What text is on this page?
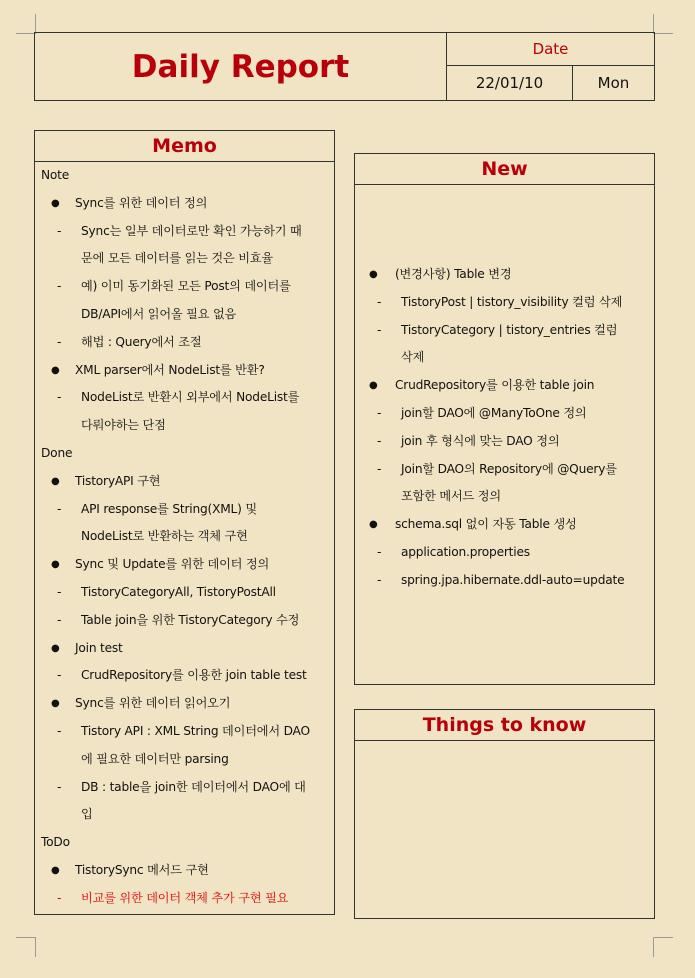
Daily Report	Date
22/01/10	Mon
Memo
Note
● Sync를 위한 데이터 정의
- Sync는 일부 데이터로만 확인 가능하기 때
문에 모든 데이터를 읽는 것은 비효율
- 예) 이미 동기화된 모든 Post의 데이터를
DB/API에서 읽어올 필요 없음
- 해법 : Query에서 조절
● XML parser에서 NodeList를 반환?
- NodeList로 반환시 외부에서 NodeList를
다뤄야하는 단점
Done
● TistoryAPI 구현
- API response를 String(XML) 및
NodeList로 반환하는 객체 구현
● Sync 및 Update를 위한 데이터 정의
- TistoryCategoryAll, TistoryPostAll
- Table join을 위한 TistoryCategory 수정
● Join test
- CrudRepository를 이용한 join table test
● Sync를 위한 데이터 읽어오기
- Tistory API : XML String 데이터에서 DAO
에 필요한 데이터만 parsing
- DB : table을 join한 데이터에서 DAO에 대
입
ToDo
● TistorySync 메서드 구현
- 비교를 위한 데이터 객체 추가 구현 필요
New
● (변경사항) Table 변경
- TistoryPost | tistory_visibility 컬럼 삭제
- TistoryCategory | tistory_entries 컬럼
삭제
● CrudRepository를 이용한 table join
- join할 DAO에 @ManyToOne 정의
- join 후 형식에 맞는 DAO 정의
- Join할 DAO의 Repository에 @Query를
포함한 메서드 정의
● schema.sql 없이 자동 Table 생성
- application.properties
- spring.jpa.hibernate.ddl-auto=update
Things to know
